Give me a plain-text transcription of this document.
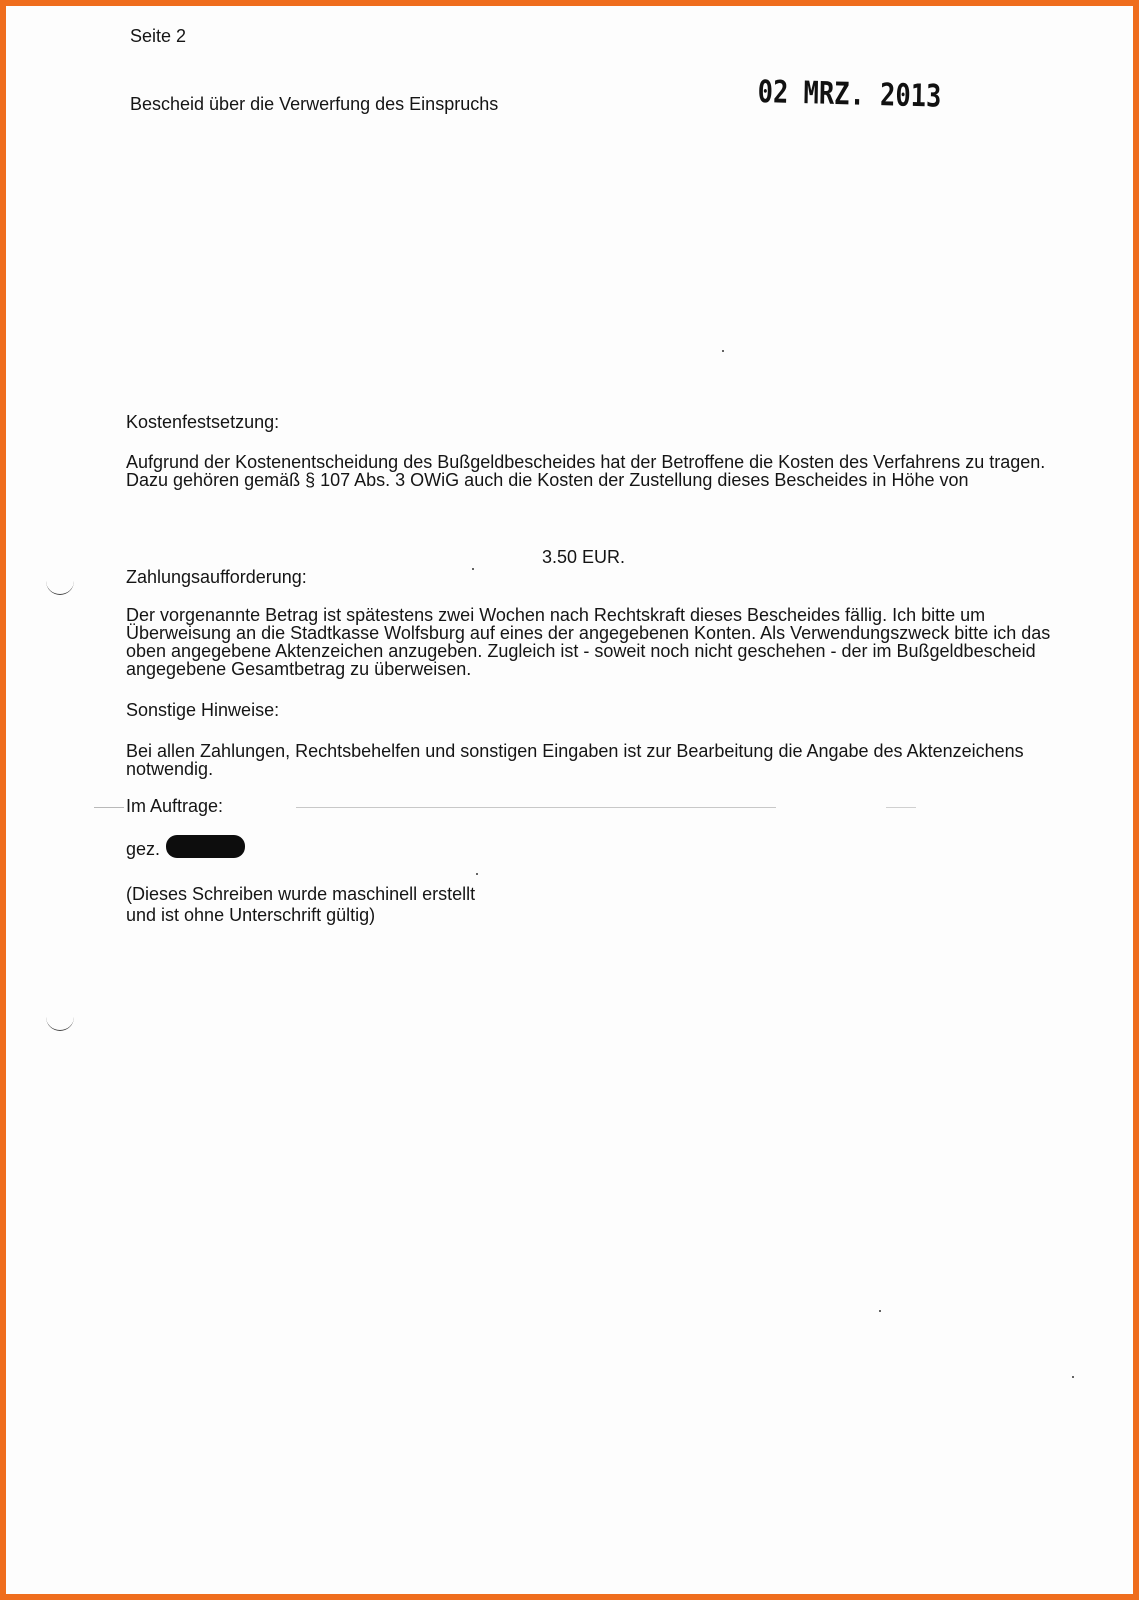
Seite 2
Bescheid über die Verwerfung des Einspruchs	02 MRZ. 2013
Kostenfestsetzung:
Aufgrund der Kostenentscheidung des Bußgeldbescheides hat der Betroffene die Kosten des Verfahrens zu tragen. Dazu gehören gemäß § 107 Abs. 3 OWiG auch die Kosten der Zustellung dieses Bescheides in Höhe von
3.50 EUR.
Zahlungsaufforderung:
Der vorgenannte Betrag ist spätestens zwei Wochen nach Rechtskraft dieses Bescheides fällig. Ich bitte um Überweisung an die Stadtkasse Wolfsburg auf eines der angegebenen Konten. Als Verwendungszweck bitte ich das oben angegebene Aktenzeichen anzugeben. Zugleich ist - soweit noch nicht geschehen - der im Bußgeldbescheid angegebene Gesamtbetrag zu überweisen.
Sonstige Hinweise:
Bei allen Zahlungen, Rechtsbehelfen und sonstigen Eingaben ist zur Bearbeitung die Angabe des Aktenzeichens notwendig.
Im Auftrage:
gez.
(Dieses Schreiben wurde maschinell erstellt
und ist ohne Unterschrift gültig)
